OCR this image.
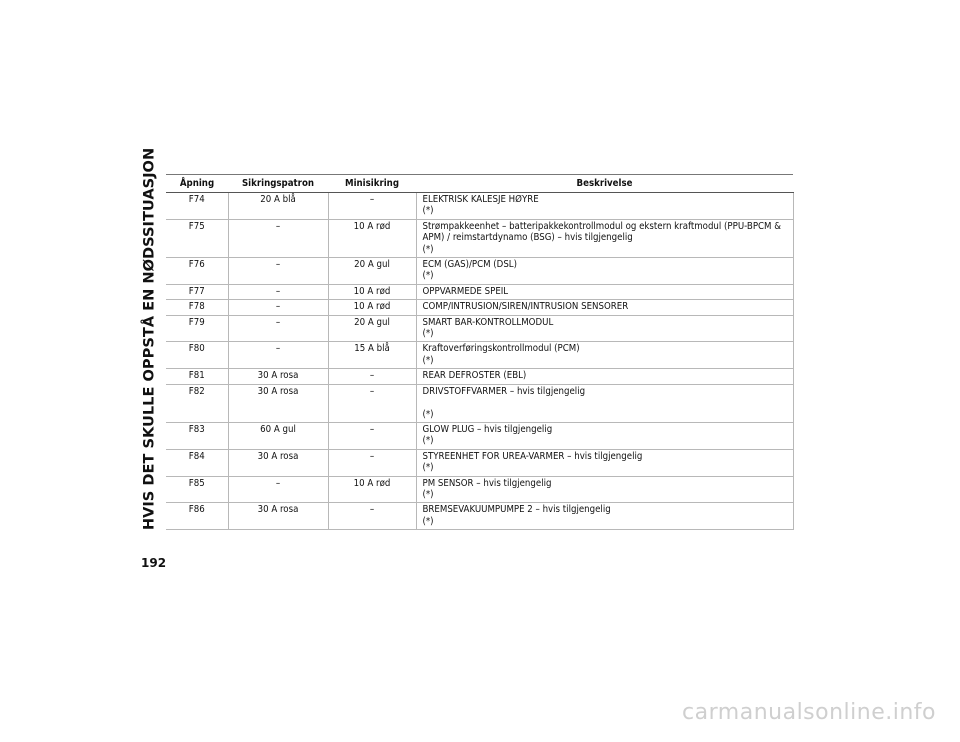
HVIS DET SKULLE OPPSTÅ EN NØDSSITUASJON Åpning	Sikringspatron	Minisikring	Beskrivelse
F74	20 A blå	–	ELEKTRISK KALESJE HØYRE
(*)
F75	–	10 A rød	Strømpakkeenhet – batteripakkekontrollmodul og ekstern kraftmodul (PPU-BPCM & APM) / reimstartdynamo (BSG) – hvis tilgjengelig
(*)
F76	–	20 A gul	ECM (GAS)/PCM (DSL)
(*)
F77	–	10 A rød	OPPVARMEDE SPEIL
F78	–	10 A rød	COMP/INTRUSION/SIREN/INTRUSION SENSORER
F79	–	20 A gul	SMART BAR-KONTROLLMODUL
(*)
F80	–	15 A blå	Kraftoverføringskontrollmodul (PCM)
(*)
F81	30 A rosa	–	REAR DEFROSTER (EBL)
F82	30 A rosa	–	DRIVSTOFFVARMER – hvis tilgjengelig

(*)
F83	60 A gul	–	GLOW PLUG – hvis tilgjengelig
(*)
F84	30 A rosa	–	STYREENHET FOR UREA-VARMER – hvis tilgjengelig
(*)
F85	–	10 A rød	PM SENSOR – hvis tilgjengelig
(*)
F86	30 A rosa	–	BREMSEVAKUUMPUMPE 2 – hvis tilgjengelig
(*)
192
carmanualsonline.info
